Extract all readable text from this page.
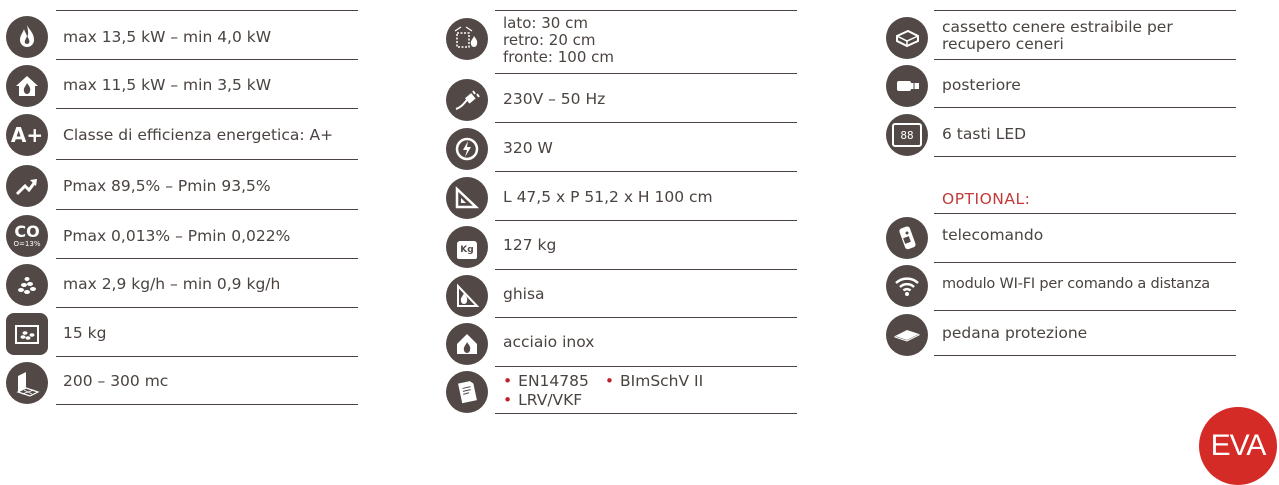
max 13,5 kW – min 4,0 kW
max 11,5 kW – min 3,5 kW
A+ Classe di efficienza energetica: A+
Pmax 89,5% – Pmin 93,5%
CO
O=13% Pmax 0,013% – Pmin 0,022%
max 2,9 kg/h – min 0,9 kg/h
15 kg
200 – 300 mc
lato: 30 cm
retro: 20 cm
fronte: 100 cm
230V – 50 Hz
320 W
L 47,5 x P 51,2 x H 100 cm
Kg 127 kg
ghisa
acciaio inox
• EN14785 • BImSchV II
• LRV/VKF
cassetto cenere estraibile per
recupero ceneri
posteriore
88 6 tasti LED
OPTIONAL:
telecomando
modulo WI-FI per comando a distanza
pedana protezione
EVA
